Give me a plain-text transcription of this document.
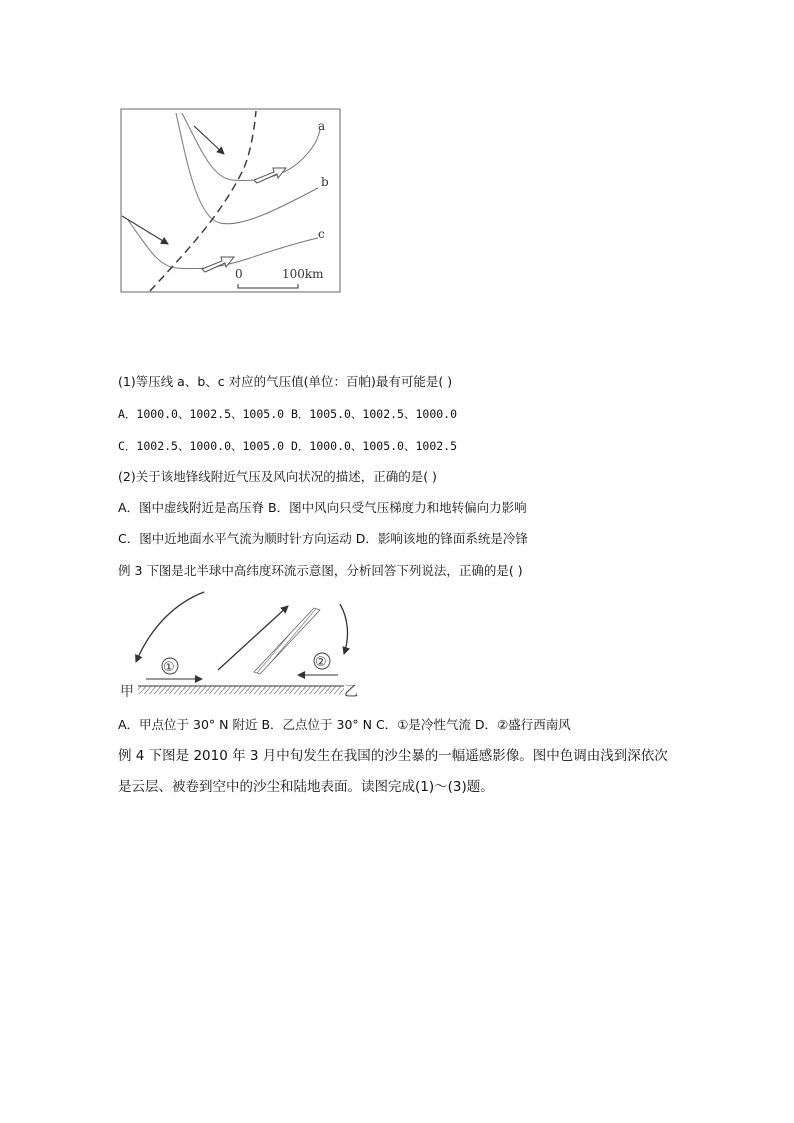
a
b
c
0	100km
(1)等压线 a、b、c 对应的气压值(单位：百帕)最有可能是( )
A．1000.0、1002.5、1005.0 B．1005.0、1002.5、1000.0
C．1002.5、1000.0、1005.0 D．1000.0、1005.0、1002.5
(2)关于该地锋线附近气压及风向状况的描述，正确的是( )
A．图中虚线附近是高压脊 B．图中风向只受气压梯度力和地转偏向力影响
C．图中近地面水平气流为顺时针方向运动 D．影响该地的锋面系统是冷锋
例 3 下图是北半球中高纬度环流示意图，分析回答下列说法，正确的是( )
①	②
甲	乙
A．甲点位于 30° N 附近 B．乙点位于 30° N C．①是冷性气流 D．②盛行西南风
例 4 下图是 2010 年 3 月中旬发生在我国的沙尘暴的一幅遥感影像。图中色调由浅到深依次
是云层、被卷到空中的沙尘和陆地表面。读图完成(1)～(3)题。
